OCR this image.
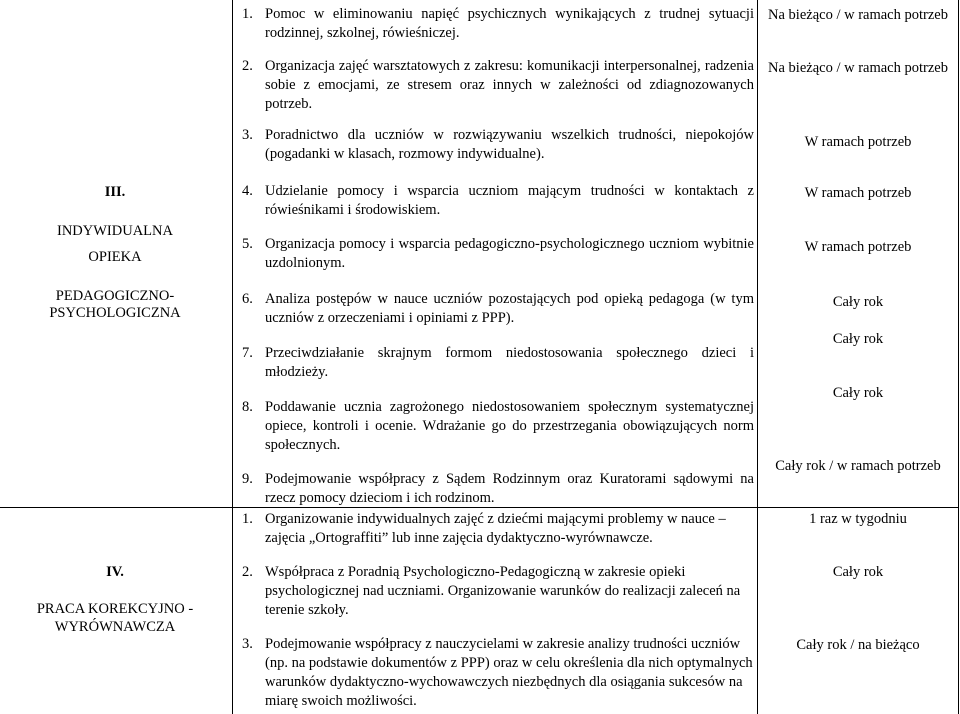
III.
INDYWIDUALNA
OPIEKA
PEDAGOGICZNO-
PSYCHOLOGICZNA
1. Pomoc w eliminowaniu napięć psychicznych wynikających z trudnej sytuacji rodzinnej, szkolnej, rówieśniczej.
Na bieżąco / w ramach potrzeb
2. Organizacja zajęć warsztatowych z zakresu: komunikacji interpersonalnej, radzenia sobie z emocjami, ze stresem oraz innych w zależności od zdiagnozowanych potrzeb.
Na bieżąco / w ramach potrzeb
3. Poradnictwo dla uczniów w rozwiązywaniu wszelkich trudności, niepokojów (pogadanki w klasach, rozmowy indywidualne).
W ramach potrzeb
4. Udzielanie pomocy i wsparcia uczniom mającym trudności w kontaktach z rówieśnikami i środowiskiem.
W ramach potrzeb
5. Organizacja pomocy i wsparcia pedagogiczno-psychologicznego uczniom wybitnie uzdolnionym.
W ramach potrzeb
6. Analiza postępów w nauce uczniów pozostających pod opieką pedagoga (w tym uczniów z orzeczeniami i opiniami z PPP).
Cały rok
7. Przeciwdziałanie skrajnym formom niedostosowania społecznego dzieci i młodzieży.
Cały rok
8. Poddawanie ucznia zagrożonego niedostosowaniem społecznym systematycznej opiece, kontroli i ocenie. Wdrażanie go do przestrzegania obowiązujących norm społecznych.
Cały rok
9. Podejmowanie współpracy z Sądem Rodzinnym oraz Kuratorami sądowymi na rzecz pomocy dzieciom i ich rodzinom.
Cały rok / w ramach potrzeb
IV.
PRACA KOREKCYJNO -
WYRÓWNAWCZA
1. Organizowanie indywidualnych zajęć z dziećmi mającymi problemy w nauce – zajęcia „Ortograffiti” lub inne zajęcia dydaktyczno-wyrównawcze.
1 raz w tygodniu
2. Współpraca z Poradnią Psychologiczno-Pedagogiczną w zakresie opieki psychologicznej nad uczniami. Organizowanie warunków do realizacji zaleceń na terenie szkoły.
Cały rok
3. Podejmowanie współpracy z nauczycielami w zakresie analizy trudności uczniów (np. na podstawie dokumentów z PPP) oraz w celu określenia dla nich optymalnych warunków dydaktyczno-wychowawczych niezbędnych dla osiągania sukcesów na miarę swoich możliwości.
Cały rok / na bieżąco
